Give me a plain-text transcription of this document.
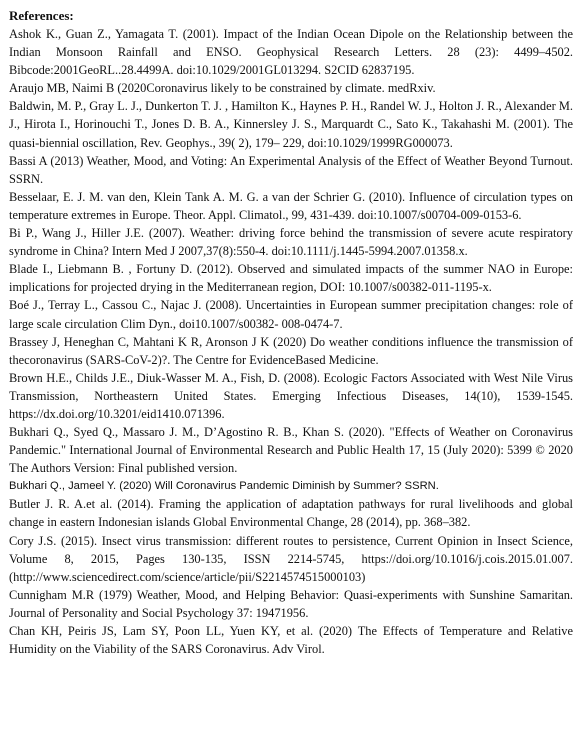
References:

Ashok K., Guan Z., Yamagata T. (2001). Impact of the Indian Ocean Dipole on the Relationship between the Indian Monsoon Rainfall and ENSO. Geophysical Research Letters. 28 (23): 4499–4502. Bibcode:2001GeoRL..28.4499A. doi:10.1029/2001GL013294. S2CID 62837195.

Araujo MB, Naimi B (2020Coronavirus likely to be constrained by climate. medRxiv.

Baldwin, M. P., Gray L. J., Dunkerton T. J. , Hamilton K., Haynes P. H., Randel W. J., Holton J. R., Alexander M. J., Hirota I., Horinouchi T., Jones D. B. A., Kinnersley J. S., Marquardt C., Sato K., Takahashi M. (2001). The quasi-biennial oscillation, Rev. Geophys., 39( 2), 179– 229, doi:10.1029/1999RG000073.

Bassi A (2013) Weather, Mood, and Voting: An Experimental Analysis of the Effect of Weather Beyond Turnout. SSRN.

Besselaar, E. J. M. van den, Klein Tank A. M. G. a van der Schrier G. (2010). Influence of circulation types on temperature extremes in Europe. Theor. Appl. Climatol., 99, 431-439. doi:10.1007/s00704-009-0153-6.

Bi P., Wang J., Hiller J.E. (2007). Weather: driving force behind the transmission of severe acute respiratory syndrome in China? Intern Med J 2007,37(8):550-4. doi:10.1111/j.1445-5994.2007.01358.x.

Blade I., Liebmann B. , Fortuny D. (2012). Observed and simulated impacts of the summer NAO in Europe: implications for projected drying in the Mediterranean region, DOI: 10.1007/s00382-011-1195-x.

Boé J., Terray L., Cassou C., Najac J. (2008). Uncertainties in European summer precipitation changes: role of large scale circulation Clim Dyn., doi10.1007/s00382- 008-0474-7.

Brassey J, Heneghan C, Mahtani K R, Aronson J K (2020) Do weather conditions influence the transmission of thecoronavirus (SARS-CoV-2)?. The Centre for EvidenceBased Medicine.

Brown H.E., Childs J.E., Diuk-Wasser M. A., Fish, D. (2008). Ecologic Factors Associated with West Nile Virus Transmission, Northeastern United States. Emerging Infectious Diseases, 14(10), 1539-1545. https://dx.doi.org/10.3201/eid1410.071396.

Bukhari Q., Syed Q., Massaro J. M., D’Agostino R. B., Khan S. (2020). "Effects of Weather on Coronavirus Pandemic." International Journal of Environmental Research and Public Health 17, 15 (July 2020): 5399 © 2020 The Authors Version: Final published version.

Bukhari Q., Jameel Y. (2020) Will Coronavirus Pandemic Diminish by Summer? SSRN.

Butler J. R. A.et al. (2014). Framing the application of adaptation pathways for rural livelihoods and global change in eastern Indonesian islands Global Environmental Change, 28 (2014), pp. 368–382.

Cory J.S. (2015). Insect virus transmission: different routes to persistence, Current Opinion in Insect Science, Volume 8, 2015, Pages 130-135, ISSN 2214-5745, https://doi.org/10.1016/j.cois.2015.01.007. (http://www.sciencedirect.com/science/article/pii/S2214574515000103)

Cunnigham M.R (1979) Weather, Mood, and Helping Behavior: Quasi-experiments with Sunshine Samaritan. Journal of Personality and Social Psychology 37: 19471956.

Chan KH, Peiris JS, Lam SY, Poon LL, Yuen KY, et al. (2020) The Effects of Temperature and Relative Humidity on the Viability of the SARS Coronavirus. Adv Virol.
